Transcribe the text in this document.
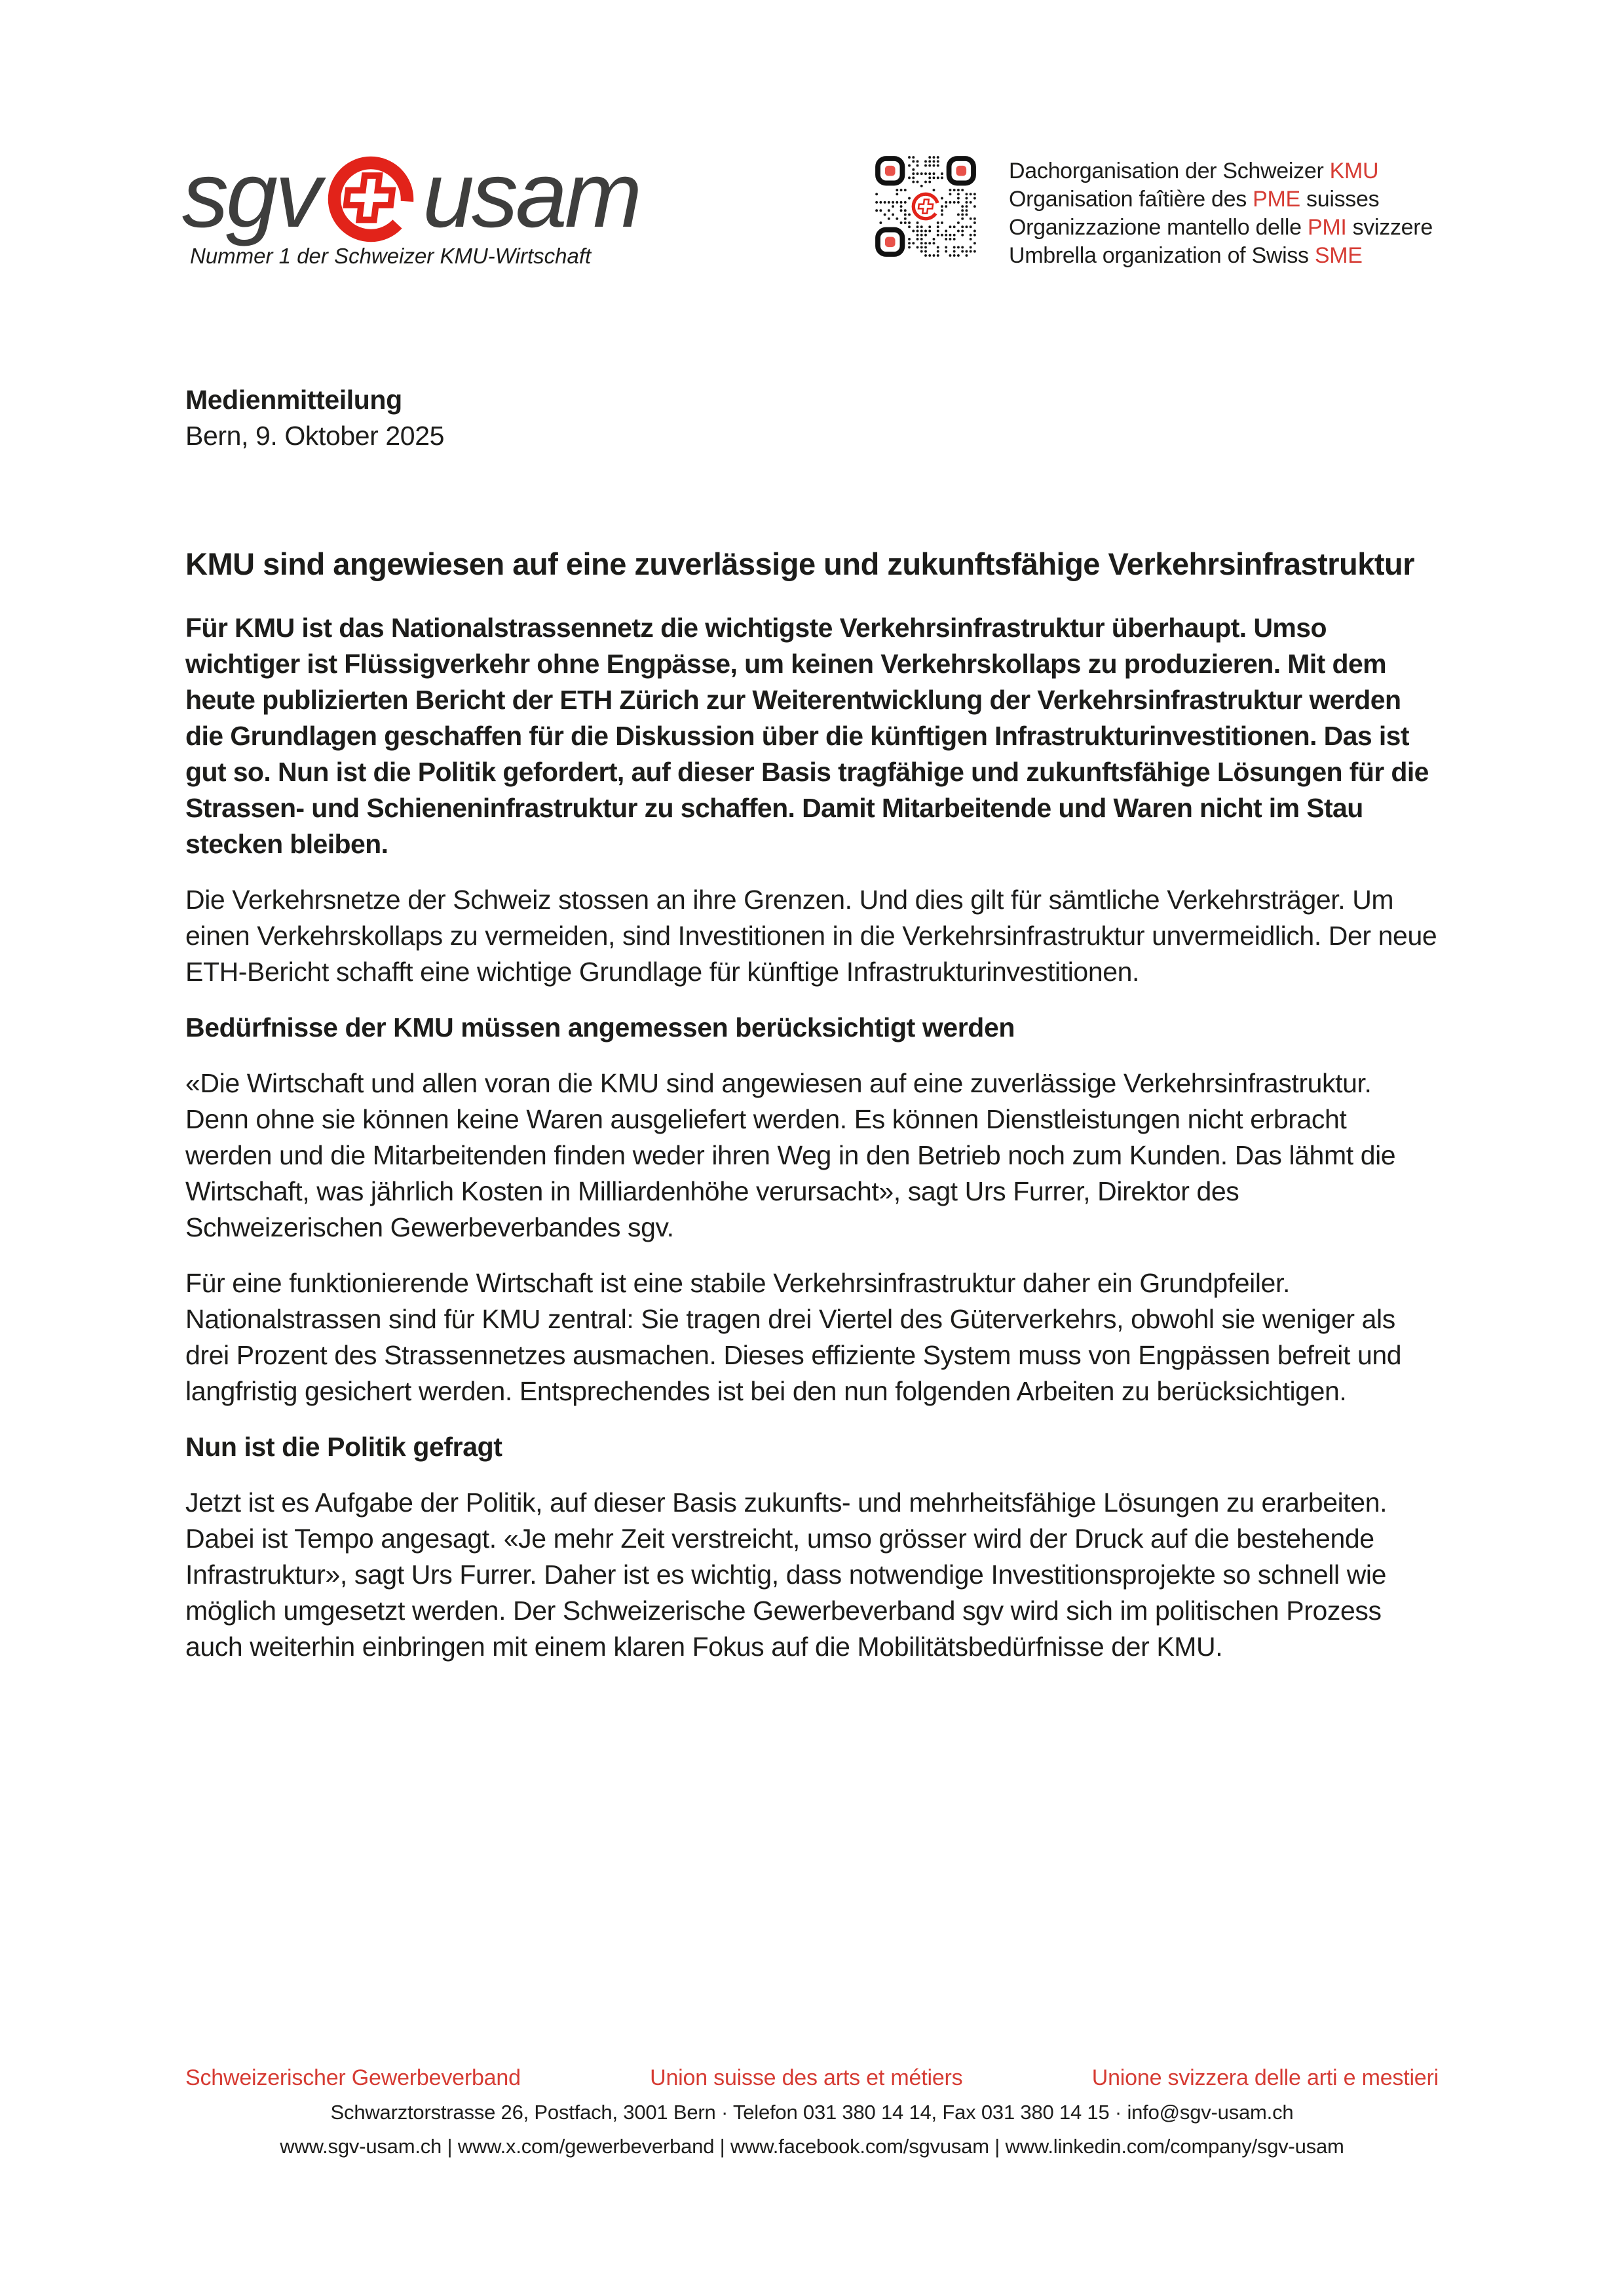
sgv usam
Nummer 1 der Schweizer KMU-Wirtschaft
Dachorganisation der Schweizer KMU
Organisation faîtière des PME suisses
Organizzazione mantello delle PMI svizzere
Umbrella organization of Swiss SME
Medienmitteilung
Bern, 9. Oktober 2025
KMU sind angewiesen auf eine zuverlässige und zukunftsfähige Verkehrsinfrastruktur

Für KMU ist das Nationalstrassennetz die wichtigste Verkehrsinfrastruktur überhaupt. Umso wichtiger ist Flüssigverkehr ohne Engpässe, um keinen Verkehrskollaps zu produzieren. Mit dem heute publizierten Bericht der ETH Zürich zur Weiterentwicklung der Verkehrsinfrastruktur werden die Grundlagen geschaffen für die Diskussion über die künftigen Infrastrukturinvestitionen. Das ist gut so. Nun ist die Politik gefordert, auf dieser Basis tragfähige und zukunftsfähige Lösungen für die Strassen- und Schieneninfrastruktur zu schaffen. Damit Mitarbeitende und Waren nicht im Stau stecken bleiben.

Die Verkehrsnetze der Schweiz stossen an ihre Grenzen. Und dies gilt für sämtliche Verkehrsträger. Um einen Verkehrskollaps zu vermeiden, sind Investitionen in die Verkehrsinfrastruktur unvermeidlich. Der neue ETH-Bericht schafft eine wichtige Grundlage für künftige Infrastrukturinvestitionen.

Bedürfnisse der KMU müssen angemessen berücksichtigt werden

«Die Wirtschaft und allen voran die KMU sind angewiesen auf eine zuverlässige Verkehrsinfrastruktur. Denn ohne sie können keine Waren ausgeliefert werden. Es können Dienstleistungen nicht erbracht werden und die Mitarbeitenden finden weder ihren Weg in den Betrieb noch zum Kunden. Das lähmt die Wirtschaft, was jährlich Kosten in Milliardenhöhe verursacht», sagt Urs Furrer, Direktor des Schweizerischen Gewerbeverbandes sgv.

Für eine funktionierende Wirtschaft ist eine stabile Verkehrsinfrastruktur daher ein Grundpfeiler. Nationalstrassen sind für KMU zentral: Sie tragen drei Viertel des Güterverkehrs, obwohl sie weniger als drei Prozent des Strassennetzes ausmachen. Dieses effiziente System muss von Engpässen befreit und langfristig gesichert werden. Entsprechendes ist bei den nun folgenden Arbeiten zu berücksichtigen.

Nun ist die Politik gefragt

Jetzt ist es Aufgabe der Politik, auf dieser Basis zukunfts- und mehrheitsfähige Lösungen zu erarbeiten. Dabei ist Tempo angesagt. «Je mehr Zeit verstreicht, umso grösser wird der Druck auf die bestehende Infrastruktur», sagt Urs Furrer. Daher ist es wichtig, dass notwendige Investitionsprojekte so schnell wie möglich umgesetzt werden. Der Schweizerische Gewerbeverband sgv wird sich im politischen Prozess auch weiterhin einbringen mit einem klaren Fokus auf die Mobilitätsbedürfnisse der KMU.

Schweizerischer Gewerbeverband	Union suisse des arts et métiers	Unione svizzera delle arti e mestieri
Schwarztorstrasse 26, Postfach, 3001 Bern · Telefon 031 380 14 14, Fax 031 380 14 15 · info@sgv-usam.ch
www.sgv-usam.ch | www.x.com/gewerbeverband | www.facebook.com/sgvusam | www.linkedin.com/company/sgv-usam
